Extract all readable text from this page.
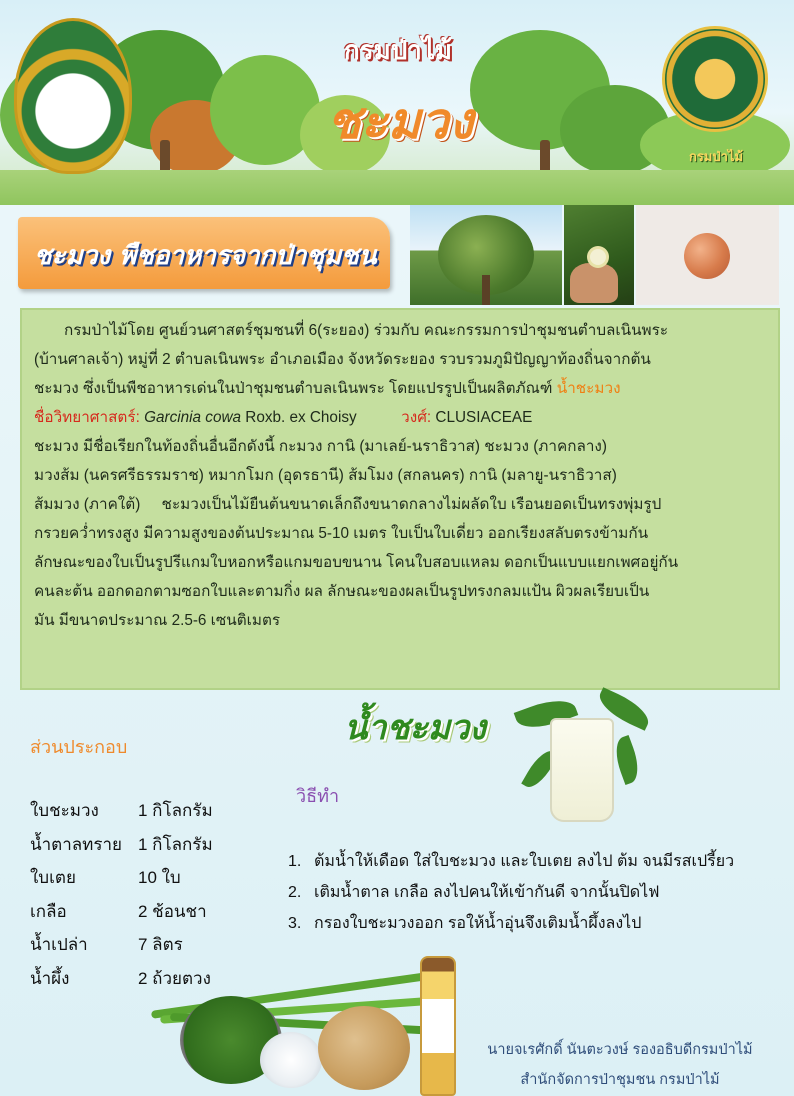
กรมป่าไม้
กรมป่าไม้
ชะมวง
ชะมวง พืชอาหารจากป่าชุมชน
กรมป่าไม้โดย ศูนย์วนศาสตร์ชุมชนที่ 6(ระยอง) ร่วมกับ คณะกรรมการป่าชุมชนตำบลเนินพระ
(บ้านศาลเจ้า) หมู่ที่ 2 ตำบลเนินพระ อำเภอเมือง จังหวัดระยอง รวบรวมภูมิปัญญาท้องถิ่นจากต้น
ชะมวง ซึ่งเป็นพืชอาหารเด่นในป่าชุมชนตำบลเนินพระ โดยแปรรูปเป็นผลิตภัณฑ์ น้ำชะมวง
ชื่อวิทยาศาสตร์: Garcinia cowa Roxb. ex Choisy	วงศ์: CLUSIACEAE
ชะมวง มีชื่อเรียกในท้องถิ่นอื่นอีกดังนี้ กะมวง กานิ (มาเลย์-นราธิวาส) ชะมวง (ภาคกลาง)
มวงส้ม (นครศรีธรรมราช) หมากโมก (อุดรธานี) ส้มโมง (สกลนคร) กานิ (มลายู-นราธิวาส)
ส้มมวง (ภาคใต้)     ชะมวงเป็นไม้ยืนต้นขนาดเล็กถึงขนาดกลางไม่ผลัดใบ เรือนยอดเป็นทรงพุ่มรูป
กรวยคว่ำทรงสูง มีความสูงของต้นประมาณ 5-10 เมตร ใบเป็นใบเดี่ยว ออกเรียงสลับตรงข้ามกัน
ลักษณะของใบเป็นรูปรีแกมใบหอกหรือแกมขอบขนาน โคนใบสอบแหลม ดอกเป็นแบบแยกเพศอยู่กัน
คนละต้น ออกดอกตามซอกใบและตามกิ่ง ผล ลักษณะของผลเป็นรูปทรงกลมแป้น ผิวผลเรียบเป็น
มัน มีขนาดประมาณ 2.5-6 เซนติเมตร
น้ำชะมวง
ส่วนประกอบ
ใบชะมวง	1 กิโลกรัม
น้ำตาลทราย 1 กิโลกรัม
ใบเตย	10 ใบ
เกลือ	2 ช้อนชา
น้ำเปล่า	7 ลิตร
น้ำผึ้ง	2 ถ้วยตวง
วิธีทำ
1. ต้มน้ำให้เดือด ใส่ใบชะมวง และใบเตย ลงไป ต้ม จนมีรสเปรี้ยว
2. เติมน้ำตาล เกลือ ลงไปคนให้เข้ากันดี จากนั้นปิดไฟ
3. กรองใบชะมวงออก รอให้น้ำอุ่นจึงเติมน้ำผึ้งลงไป
นายจเรศักดิ์ นันตะวงษ์ รองอธิบดีกรมป่าไม้
สำนักจัดการป่าชุมชน กรมป่าไม้
